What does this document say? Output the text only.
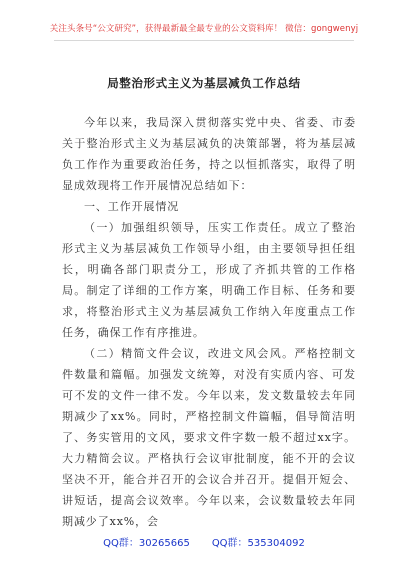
关注头条号“公文研究”，获得最新最全最专业的公文资料库！ 微信：gongwenyj
局整治形式主义为基层减负工作总结

今年以来，我局深入贯彻落实党中央、省委、市委关于整治形式主义为基层减负的决策部署，将为基层减负工作作为重要政治任务，持之以恒抓落实，取得了明显成效现将工作开展情况总结如下：

一、工作开展情况

（一）加强组织领导，压实工作责任。成立了整治形式主义为基层减负工作领导小组，由主要领导担任组长，明确各部门职责分工，形成了齐抓共管的工作格局。制定了详细的工作方案，明确工作目标、任务和要求，将整治形式主义为基层减负工作纳入年度重点工作任务，确保工作有序推进。

（二）精简文件会议，改进文风会风。严格控制文件数量和篇幅。加强发文统筹，对没有实质内容、可发可不发的文件一律不发。今年以来，发文数量较去年同期减少了xx%。同时，严格控制文件篇幅，倡导简洁明了、务实管用的文风，要求文件字数一般不超过xx字。大力精简会议。严格执行会议审批制度，能不开的会议坚决不开，能合并召开的会议合并召开。提倡开短会、讲短话，提高会议效率。今年以来，会议数量较去年同期减少了xx%，会

QQ群：30265665 QQ群：535304092
